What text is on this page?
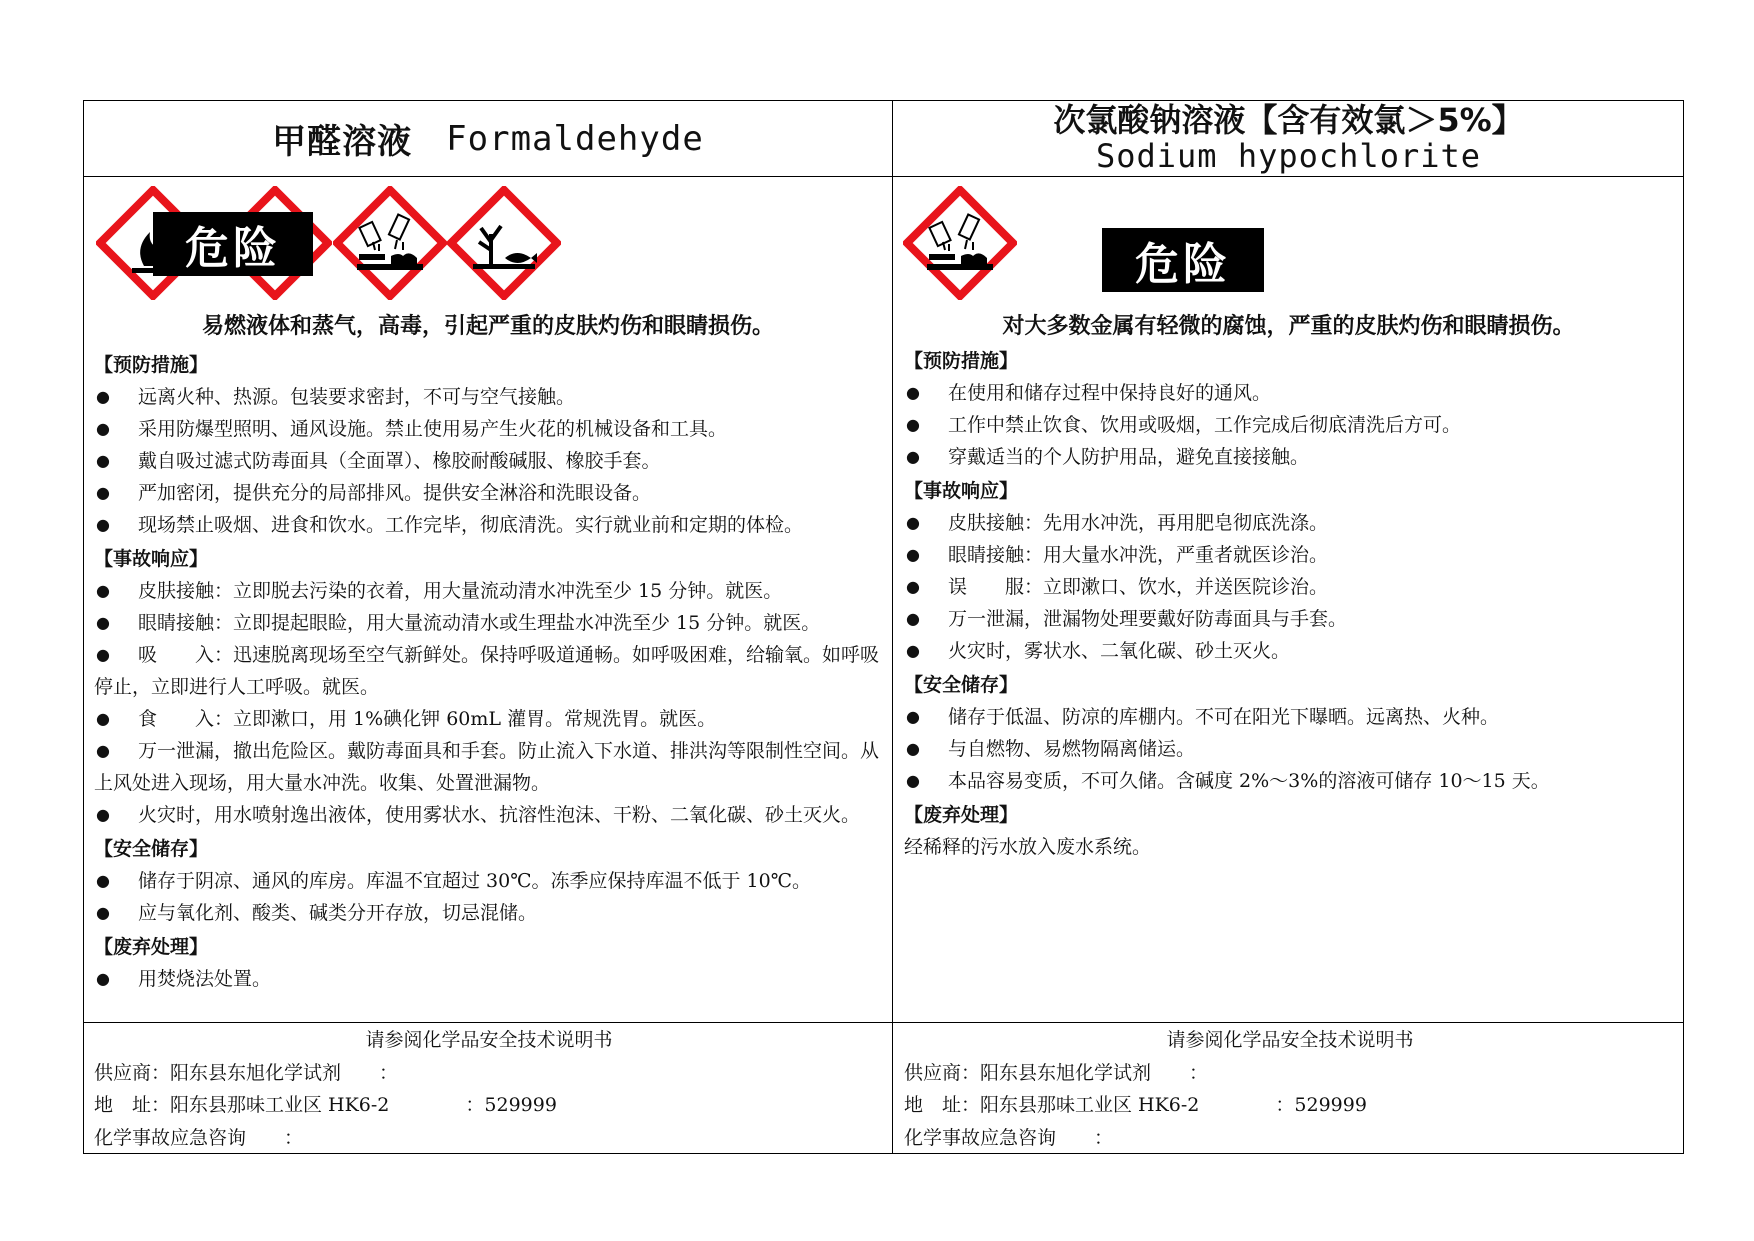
甲醛溶液 Formaldehyde	次氯酸钠溶液【含有效氯＞5%】
Sodium hypochlorite
危险	危险
易燃液体和蒸气，高毒，引起严重的皮肤灼伤和眼睛损伤。	对大多数金属有轻微的腐蚀，严重的皮肤灼伤和眼睛损伤。
【预防措施】
● 远离火种、热源。包装要求密封，不可与空气接触。
● 采用防爆型照明、通风设施。禁止使用易产生火花的机械设备和工具。
● 戴自吸过滤式防毒面具（全面罩）、橡胶耐酸碱服、橡胶手套。
● 严加密闭，提供充分的局部排风。提供安全淋浴和洗眼设备。
● 现场禁止吸烟、进食和饮水。工作完毕，彻底清洗。实行就业前和定期的体检。
【事故响应】
● 皮肤接触：立即脱去污染的衣着，用大量流动清水冲洗至少 15 分钟。就医。
● 眼睛接触：立即提起眼睑，用大量流动清水或生理盐水冲洗至少 15 分钟。就医。
● 吸　　入：迅速脱离现场至空气新鲜处。保持呼吸道通畅。如呼吸困难，给输氧。如呼吸停止，立即进行人工呼吸。就医。
● 食　　入：立即漱口，用 1%碘化钾 60mL 灌胃。常规洗胃。就医。
● 万一泄漏，撤出危险区。戴防毒面具和手套。防止流入下水道、排洪沟等限制性空间。从上风处进入现场，用大量水冲洗。收集、处置泄漏物。
● 火灾时，用水喷射逸出液体，使用雾状水、抗溶性泡沫、干粉、二氧化碳、砂土灭火。
【安全储存】
● 储存于阴凉、通风的库房。库温不宜超过 30℃。冻季应保持库温不低于 10℃。
● 应与氧化剂、酸类、碱类分开存放，切忌混储。
【废弃处理】
● 用焚烧法处置。
【预防措施】
● 在使用和储存过程中保持良好的通风。
● 工作中禁止饮食、饮用或吸烟，工作完成后彻底清洗后方可。
● 穿戴适当的个人防护用品，避免直接接触。
【事故响应】
● 皮肤接触：先用水冲洗，再用肥皂彻底洗涤。
● 眼睛接触：用大量水冲洗，严重者就医诊治。
● 误　　服：立即漱口、饮水，并送医院诊治。
● 万一泄漏，泄漏物处理要戴好防毒面具与手套。
● 火灾时，雾状水、二氧化碳、砂土灭火。
【安全储存】
● 储存于低温、防凉的库棚内。不可在阳光下曝晒。远离热、火种。
● 与自燃物、易燃物隔离储运。
● 本品容易变质，不可久储。含碱度 2%～3%的溶液可储存 10～15 天。
【废弃处理】
经稀释的污水放入废水系统。
请参阅化学品安全技术说明书
供应商：阳东县东旭化学试剂　　：
地　址：阳东县那味工业区 HK6-2　　　　：529999
化学事故应急咨询　　：
请参阅化学品安全技术说明书
供应商：阳东县东旭化学试剂　　：
地　址：阳东县那味工业区 HK6-2　　　　：529999
化学事故应急咨询　　：
